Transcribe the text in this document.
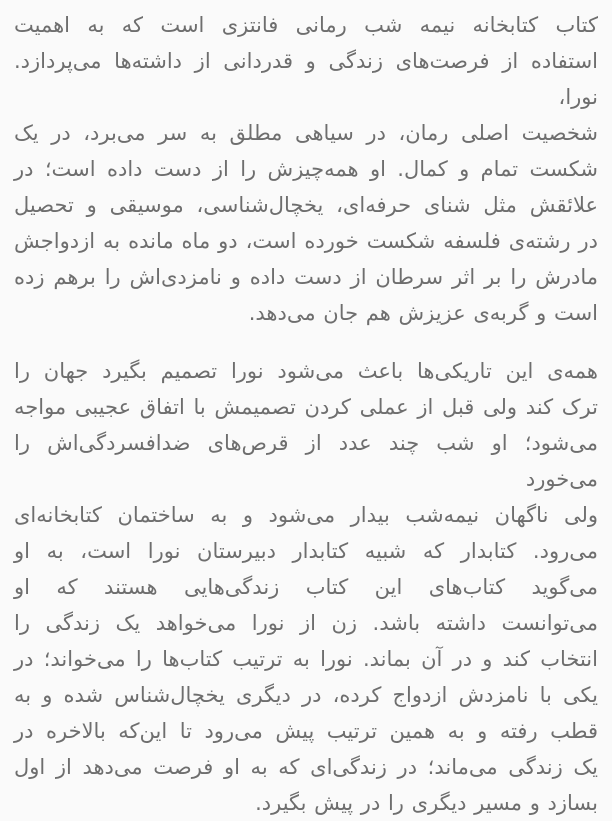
کتاب کتابخانه نیمه شب رمانی فانتزی است که به اهمیت
استفاده از فرصت‌های زندگی و قدردانی از داشته‌ها می‌پردازد. نورا،
شخصیت اصلی رمان، در سیاهی مطلق به سر می‌برد، در یک
شکست تمام و کمال. او همه‌چیزش را از دست داده است؛ در
علائقش مثل شنای حرفه‌ای، یخچال‌شناسی، موسیقی و تحصیل
در رشته‌ی فلسفه شکست خورده است، دو ماه مانده به ازدواجش
مادرش را بر اثر سرطان از دست داده و نامزدی‌اش را برهم زده
است و گربه‌ی عزیزش هم جان می‌دهد.
همه‌ی این تاریکی‌ها باعث می‌شود نورا تصمیم بگیرد جهان را
ترک کند ولی قبل از عملی کردن تصمیمش با اتفاق عجیبی مواجه
می‌شود؛ او شب چند عدد از قرص‌های ضدافسردگی‌اش را می‌خورد
ولی ناگهان نیمه‌شب بیدار می‌شود و به ساختمان کتابخانه‌ای
می‌رود. کتابدار که شبیه کتابدار دبیرستان نورا است، به او
می‌گوید کتاب‌های این کتاب زندگی‌هایی هستند که او
می‌توانست داشته باشد. زن از نورا می‌خواهد یک زندگی را
انتخاب کند و در آن بماند. نورا به ترتیب کتاب‌ها را می‌خواند؛ در
یکی با نامزدش ازدواج کرده، در دیگری یخچال‌شناس شده و به
قطب رفته و به همین ترتیب پیش می‌رود تا این‌که بالاخره در
یک زندگی می‌ماند؛ در زندگی‌ای که به او فرصت می‌دهد از اول
بسازد و مسیر دیگری را در پیش بگیرد.
